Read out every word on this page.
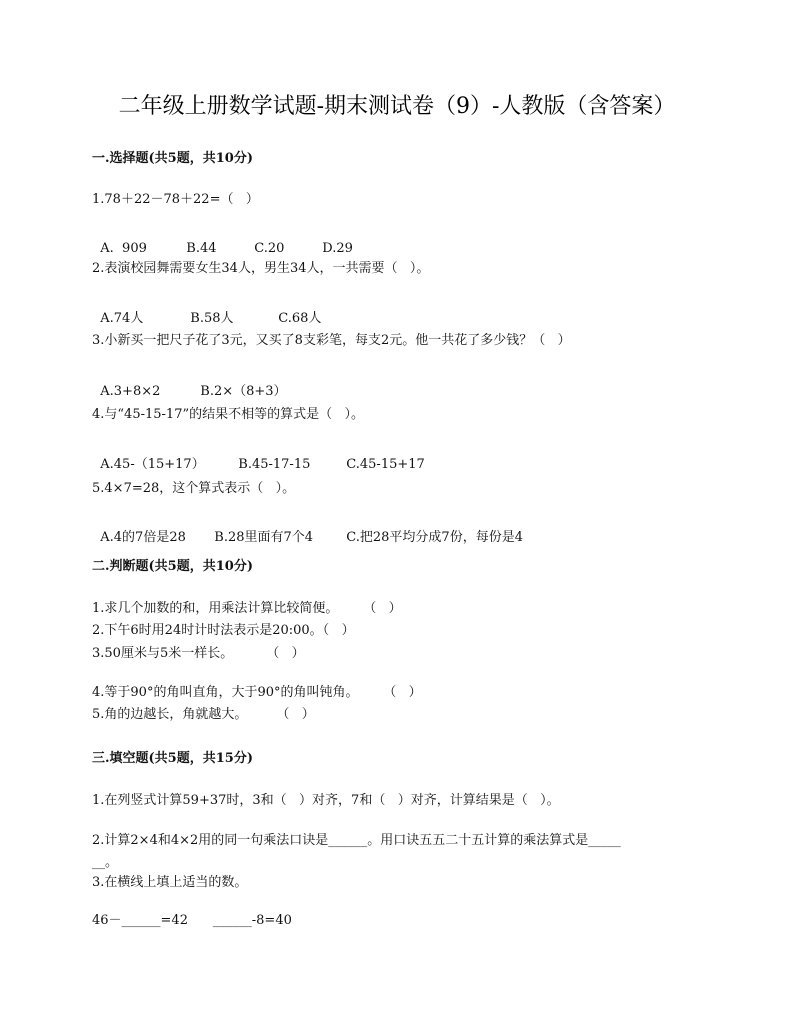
二年级上册数学试题-期末测试卷（9）-人教版（含答案）
一.选择题(共5题，共10分)
1.78＋22－78＋22=（   ）

A.  909	B.44	C.20	D.29

2.表演校园舞需要女生34人，男生34人，一共需要（   ）。

A.74人	B.58人	C.68人

3.小新买一把尺子花了3元，又买了8支彩笔，每支2元。他一共花了多少钱？（   ）

A.3+8×2	B.2×（8+3）

4.与“45-15-17”的结果不相等的算式是（   ）。

A.45-（15+17）	B.45-17-15	C.45-15+17

5.4×7=28，这个算式表示（   ）。

A.4的7倍是28 B.28里面有7个4	C.把28平均分成7份，每份是4

二.判断题(共5题，共10分)
1.求几个加数的和，用乘法计算比较简便。      （   ）
2.下午6时用24时计时法表示是20:00。（   ）
3.50厘米与5米一样长。        （   ）
4.等于90°的角叫直角，大于90°的角叫钝角。      （   ）
5.角的边越长，角就越大。       （   ）
三.填空题(共5题，共15分)
1.在列竖式计算59+37时，3和（   ）对齐，7和（   ）对齐，计算结果是（   ）。
2.计算2×4和4×2用的同一句乘法口诀是______。用口诀五五二十五计算的乘法算式是_____
__。
3.在横线上填上适当的数。
46－______=42      ______-8=40
